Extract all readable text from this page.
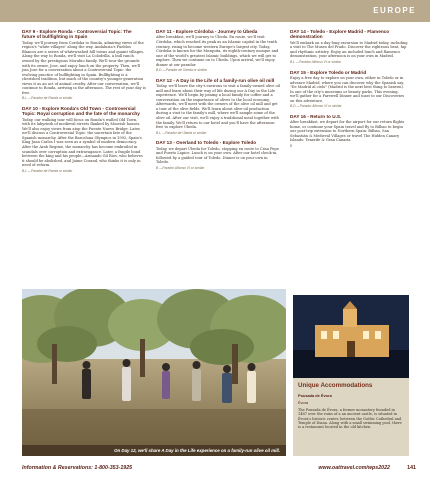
EUROPE
DAY 9 - Explore Ronda - Controversial Topic: The future of bullfighting in Spain
Today, we'll journey from Cordoba to Ronda, admiring views of the region's "white villages" along the way. Andalusia's Pueblos Blancos are a series of whitewashed hill towns and quaint villages. Along the way to Ronda, we'll visit La Colodrilla, a bull ranch owned by the prestigious Morubio family. We'll tour the grounds with its owner, Jose, and enjoy lunch on the property. Then, we'll join Jose for a conversation about a Controversial Topic: the evolving practice of bullfighting in Spain. Bullfighting is a cherished tradition, but much of the country's younger generation views it as an act of animal cruelty. After our conversation, we'll continue to Ronda, arriving in the afternoon. The rest of your day is free.
B,L —Parador de Ronda or similar
DAY 10 - Explore Ronda's Old Town - Controversial Topic: Royal corruption and the fate of the monarchy
Today, our walking tour will focus on Ronda's walled Old Town, with its labyrinth of medieval streets flanked by Moorish houses. We'll also enjoy views from atop the Puente Nuevo Bridge. Later, we'll discuss a Controversial Topic: the uncertain fate of the Spanish monarchy. After the Barcelona Olympics in 1992, Spain's King Juan Carlos I was seen as a symbol of modern democracy. After the Arab Regime, the monarchy has become embroiled in scandals over corruption and extravagance. Later, a fragile bond between the king and his people—Armando Gil Rios, who believes it should be abolished, and Jaime Conrad, who thinks it is only in need of reform.
B,L —Parador de Ronda or similar
DAY 11 - Explore Córdoba - Journey to Úbeda
After breakfast, we'll journey to Úbeda. En route, we'll visit Córdoba, which reached its peak as an Islamic capital in the tenth century, rising to become western Europe's largest city. Today, Córdoba is known for the Mezquita, its eighth-century mosque and one of the world's greatest Islamic buildings, which we will get to explore. Then we continue on to Úbeda. Upon arrival, we'll enjoy dinner at our parador.
B,D —Parador de Úbeda or similar
DAY 12 - A Day in the Life of a family-run olive oil mill
Today, we'll leave the city's environs to visit a family-owned olive oil mill and learn about their way of life during our A Day in the Life experience. We'll begin by joining a local family for coffee and a conversation on the importance of olives to the local economy. Afterwards, we'll meet with the owners of the olive oil mill and get a tour of the olive fields. We'll learn about olive-oil production during a visit to the family's mill, where we'll sample some of the olive oil. After our visit, we'll enjoy a traditional meal together with the family. We'll return to our hotel and you'll have the afternoon free to explore Úbeda.
B,L —Parador de Úbeda or similar
DAY 13 - Overland to Toledo - Explore Toledo
Today, we depart Úbeda for Toledo, stopping en route to Casa Pepe and Puerto Lapice. Lunch is on your own. After our hotel check-in, followed by a guided tour of Toledo. Dinner is on your own in Toledo.
B —Parador Alfonso VI or similar
DAY 14 - Toledo - Explore Madrid - Flamenco demonstration
We'll embark on a day-long excursion to Madrid today, including a visit to The Museo del Prado. Discover the righteous beat, hip and rhythmic artistry. Enjoy an included lunch and flamenco demonstration, your afternoon is on your own in Madrid.
B,L —Parador Alfonso VI or similar
DAY 15 - Explore Toledo or Madrid
Enjoy a free day to explore on your own, either in Toledo or in advance Madrid, where you can discover why the Spanish say, "De Madrid al cielo" (Madrid is the next best thing to heaven). In one of the city's museums or beauty parks. This evening, we'll gather for a Farewell Dinner and toast to our Discoveries on this adventure.
B,D —Parador Alfonso VI or similar
DAY 16 - Return to U.S.
After breakfast, we depart for the airport for our return flights home, or continue your Spain travel and fly to Bilbao to begin our post-trip extension to Northern Spain: Bilbao, San Sebastián & Medieval Villages or travel The Hidden Canary Islands: Tenerife & Gran Canaria.
B
On Day 12, we'll share A Day in the Life experience on a family-run olive oil mill.
Unique Accommodations
Pousada de Évora
Évora
The Pousada de Évora, a former monastery founded in 1487 over the ruins of a an ancient castle, is situated in Évora's historic center, between the Gothic Cathedral and Temple of Diana. Along with a small swimming pool, there is a restaurant located in the old kitchen.
Information & Reservations: 1-800-353-1925	www.oattravel.com/wps2022	141
